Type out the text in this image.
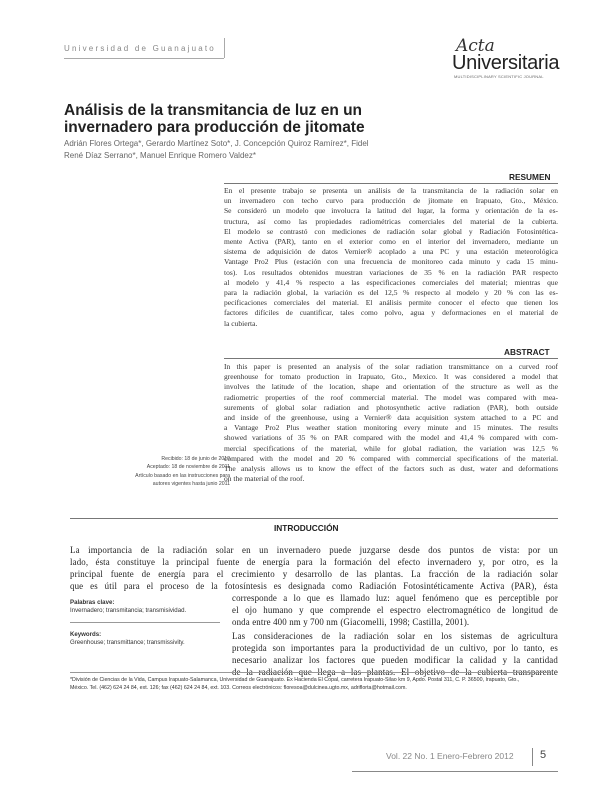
Universidad de Guanajuato	Acta
Universitaria
MULTIDISCIPLINARY SCIENTIFIC JOURNAL
Análisis de la transmitancia de luz en un
invernadero para producción de jitomate
Adrián Flores Ortega*, Gerardo Martínez Soto*, J. Concepción Quiroz Ramírez*, Fidel
René Díaz Serrano*, Manuel Enrique Romero Valdez*
RESUMEN
En el presente trabajo se presenta un análisis de la transmitancia de la radiación solar en
un invernadero con techo curvo para producción de jitomate en Irapuato, Gto., México.
Se consideró un modelo que involucra la latitud del lugar, la forma y orientación de la es-
tructura, así como las propiedades radiométricas comerciales del material de la cubierta.
El modelo se contrastó con mediciones de radiación solar global y Radiación Fotosintética-
mente Activa (PAR), tanto en el exterior como en el interior del invernadero, mediante un
sistema de adquisición de datos Vernier® acoplado a una PC y una estación meteorológica
Vantage Pro2 Plus (estación con una frecuencia de monitoreo cada minuto y cada 15 minu-
tos). Los resultados obtenidos muestran variaciones de 35 % en la radiación PAR respecto
al modelo y 41,4 % respecto a las especificaciones comerciales del material; mientras que
para la radiación global, la variación es del 12,5 % respecto al modelo y 20 % con las es-
pecificaciones comerciales del material. El análisis permite conocer el efecto que tienen los
factores difíciles de cuantificar, tales como polvo, agua y deformaciones en el material de
la cubierta.
ABSTRACT
In this paper is presented an analysis of the solar radiation transmittance on a curved roof
greenhouse for tomato production in Irapuato, Gto., Mexico. It was considered a model that
involves the latitude of the location, shape and orientation of the structure as well as the
radiometric properties of the roof commercial material. The model was compared with mea-
surements of global solar radiation and photosynthetic active radiation (PAR), both outside
and inside of the greenhouse, using a Vernier® data acquisition system attached to a PC and
a Vantage Pro2 Plus weather station monitoring every minute and 15 minutes. The results
showed variations of 35 % on PAR compared with the model and 41,4 % compared with com-
mercial specifications of the material, while for global radiation, the variation was 12,5 %
compared with the model and 20 % compared with commercial specifications of the material.
The analysis allows us to know the effect of the factors such as dust, water and deformations
on the material of the roof.
Recibido: 18 de junio de 2010
Aceptado: 18 de noviembre de 2011
Artículo basado en las instrucciones para
autores vigentes hasta junio 2011
INTRODUCCIÓN
La importancia de la radiación solar en un invernadero puede juzgarse desde dos puntos de vista: por un
lado, ésta constituye la principal fuente de energía para la formación del efecto invernadero y, por otro, es la
principal fuente de energía para el crecimiento y desarrollo de las plantas. La fracción de la radiación solar
que es útil para el proceso de la fotosíntesis es designada como Radiación Fotosintéticamente Activa (PAR), ésta
corresponde a lo que es llamado luz: aquel fenómeno que es perceptible por
el ojo humano y que comprende el espectro electromagnético de longitud de
onda entre 400 nm y 700 nm (Giacomelli, 1998; Castilla, 2001).
Las consideraciones de la radiación solar en los sistemas de agricultura
protegida son importantes para la productividad de un cultivo, por lo tanto, es
necesario analizar los factores que pueden modificar la calidad y la cantidad
de la radiación que llega a las plantas. El objetivo de la cubierta transparente
Palabras clave:
Invernadero; transmitancia; transmisividad.
Keywords:
Greenhouse; transmittance; transmissivity.
*División de Ciencias de la Vida, Campus Irapuato-Salamanca, Universidad de Guanajuato. Ex Hacienda El Copal, carretera Irapuato-Silao km 9, Apdo. Postal 311, C. P. 36500, Irapuato, Gto.,
México. Tel. (462) 624 24 84, ext. 126; fax (462) 624 24 84, ext. 103. Correos electrónicos: floresoa@dulcinea.ugto.mx, adriflorta@hotmail.com.
Vol. 22 No. 1 Enero-Febrero 2012 5
